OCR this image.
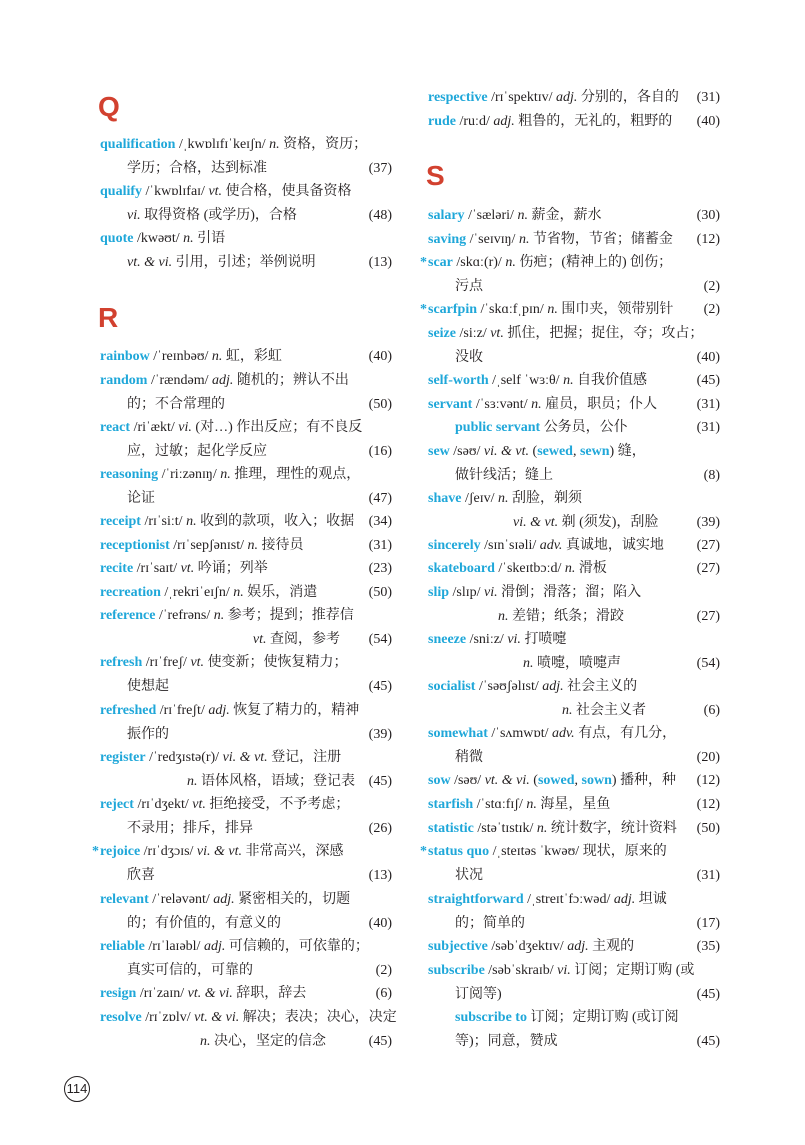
Q
qualification /ˌkwɒlɪfɪˈkeɪʃn/ n. 资格，资历；
学历；合格，达到标准	(37)
qualify /ˈkwɒlɪfaɪ/ vt. 使合格，使具备资格
vi. 取得资格 (或学历)，合格	(48)
quote /kwəʊt/ n. 引语
vt. & vi. 引用，引述；举例说明	(13)
R
rainbow /ˈreɪnbəʊ/ n. 虹，彩虹	(40)
random /ˈrændəm/ adj. 随机的；辨认不出
的；不合常理的	(50)
react /riˈækt/ vi. (对…) 作出反应；有不良反
应，过敏；起化学反应	(16)
reasoning /ˈriːzənɪŋ/ n. 推理，理性的观点，
论证	(47)
receipt /rɪˈsiːt/ n. 收到的款项，收入；收据 (34)
receptionist /rɪˈsepʃənɪst/ n. 接待员	(31)
recite /rɪˈsaɪt/ vt. 吟诵；列举	(23)
recreation /ˌrekriˈeɪʃn/ n. 娱乐，消遣	(50)
reference /ˈrefrəns/ n. 参考；提到；推荐信
vt. 查阅，参考 (54)
refresh /rɪˈfreʃ/ vt. 使变新；使恢复精力；
使想起	(45)
refreshed /rɪˈfreʃt/ adj. 恢复了精力的，精神
振作的	(39)
register /ˈredʒɪstə(r)/ vi. & vt. 登记，注册
n. 语体风格，语域；登记表 (45)
reject /rɪˈdʒekt/ vt. 拒绝接受，不予考虑；
不录用；排斥，排异	(26)
* rejoice /rɪˈdʒɔɪs/ vi. & vt. 非常高兴，深感
欣喜	(13)
relevant /ˈreləvənt/ adj. 紧密相关的，切题
的；有价值的，有意义的	(40)
reliable /rɪˈlaɪəbl/ adj. 可信赖的，可依靠的；
真实可信的，可靠的	(2)
resign /rɪˈzaɪn/ vt. & vi. 辞职，辞去	(6)
resolve /rɪˈzɒlv/ vt. & vi. 解决；表决；决心，决定
n. 决心，坚定的信念	(45)
respective /rɪˈspektɪv/ adj. 分别的，各自的 (31)
rude /ruːd/ adj. 粗鲁的，无礼的，粗野的 (40)
S
salary /ˈsæləri/ n. 薪金，薪水	(30)
saving /ˈseɪvɪŋ/ n. 节省物，节省；储蓄金 (12)
* scar /skɑː(r)/ n. 伤疤；(精神上的) 创伤；
污点	(2)
* scarfpin /ˈskɑːfˌpɪn/ n. 围巾夹，领带别针 (2)
seize /siːz/ vt. 抓住，把握；捉住，夺；攻占；
没收	(40)
self-worth /ˌself ˈwɜːθ/ n. 自我价值感	(45)
servant /ˈsɜːvənt/ n. 雇员，职员；仆人	(31)
public servant 公务员，公仆	(31)
sew /səʊ/ vi. & vt. (sewed, sewn) 缝，
做针线活；缝上	(8)
shave /ʃeɪv/ n. 刮脸，剃须
vi. & vt. 剃 (须发)，刮脸	(39)
sincerely /sɪnˈsɪəli/ adv. 真诚地，诚实地 (27)
skateboard /ˈskeɪtbɔːd/ n. 滑板	(27)
slip /slɪp/ vi. 滑倒；滑落；溜；陷入
n. 差错；纸条；滑跤	(27)
sneeze /sniːz/ vi. 打喷嚏
n. 喷嚏，喷嚏声	(54)
socialist /ˈsəʊʃəlɪst/ adj. 社会主义的
n. 社会主义者	(6)
somewhat /ˈsʌmwɒt/ adv. 有点，有几分，
稍微	(20)
sow /səʊ/ vt. & vi. (sowed, sown) 播种，种 (12)
starfish /ˈstɑːfɪʃ/ n. 海星，星鱼	(12)
statistic /stəˈtɪstɪk/ n. 统计数字，统计资料 (50)
* status quo /ˌsteɪtəs ˈkwəʊ/ 现状，原来的
状况	(31)
straightforward /ˌstreɪtˈfɔːwəd/ adj. 坦诚
的；简单的	(17)
subjective /səbˈdʒektɪv/ adj. 主观的	(35)
subscribe /səbˈskraɪb/ vi. 订阅；定期订购 (或
订阅等)	(45)
subscribe to 订阅；定期订购 (或订阅
等)；同意，赞成	(45)
114
